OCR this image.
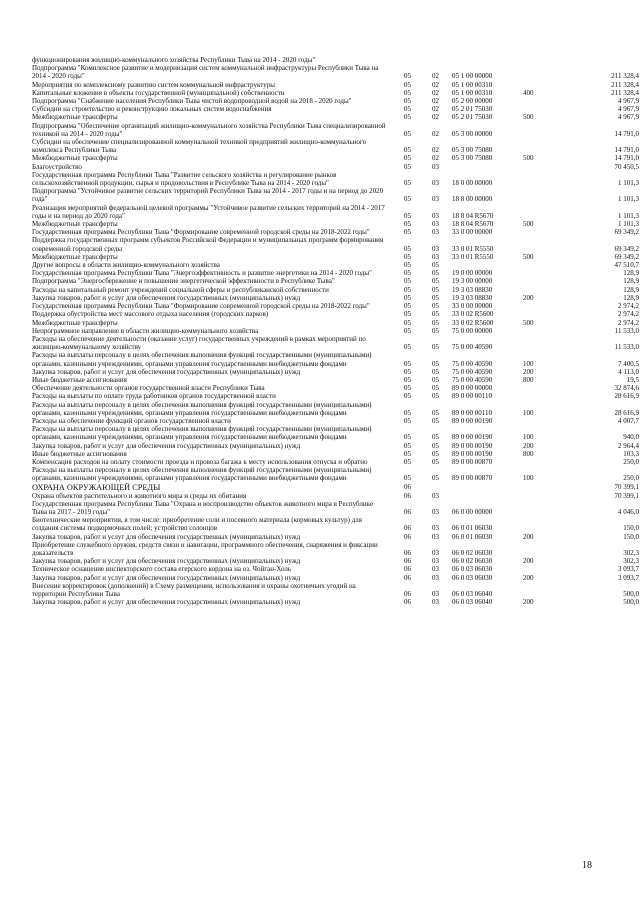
функционирования жилищно-коммунального хозяйства Республики Тыва на 2014 - 2020 годы"					
Подпрограмма "Комплексное развитие и модернизация систем коммунальной инфраструктуры Республики Тыва на 2014 - 2020 годы"	05	02	05 1 00 00000		211 328,4
Мероприятия по комплексному развитию систем коммунальной инфраструктуры	05	02	05 1 00 00310		211 328,4
Капитальные вложения в объекты государственной (муниципальной) собственности	05	02	05 1 00 00310	400	211 328,4
Подпрограмма "Снабжение населения Республики Тыва чистой водопроводной водой на 2018 - 2020 годы"	05	02	05 2 00 00000		4 967,9
Субсидии на строительство и реконструкцию локальных систем водоснабжения	05	02	05 2 01 75030		4 967,9
Межбюджетные трансферты	05	02	05 2 01 75030	500	4 967,9
Подпрограмма "Обеспечение организаций жилищно-коммунального хозяйства Республики Тыва специализированной техникой на 2014 - 2020 годы"	05	02	05 3 00 00000		14 791,0
Субсидии на обеспечение специализированной коммунальной техникой предприятий жилищно-коммунального комплекса Республики Тыва	05	02	05 3 00 75080		14 791,0
Межбюджетные трансферты	05	02	05 3 00 75080	500	14 791,0
Благоустройство	05	03			70 450,5
Государственная программа Республики Тыва "Развитие сельского хозяйства и регулирование рынков сельскохозяйственной продукции, сырья и продовольствия в Республике Тыва на 2014 - 2020 годы"	05	03	18 0 00 00000		1 101,3
Подпрограмма "Устойчивое развитие сельских территорий Республики Тыва на 2014 - 2017 годы и на период до 2020 года"	05	03	18 8 00 00000		1 101,3
Реализация мероприятий федеральной целевой программы "Устойчивое развитие сельских территорий на 2014 - 2017 годы и на период до 2020 года"	05	03	18 8 04 R5670		1 101,3
Межбюджетные трансферты	05	03	18 8 04 R5670	500	1 101,3
Государственная программа Республики Тыва "Формирование современной городской среды на 2018-2022 годы"	05	03	33 0 00 00000		69 349,2
Поддержка государственных программ субъектов Российской Федерации и муниципальных программ формирования современной городской среды	05	03	33 0 01 R5550		69 349,2
Межбюджетные трансферты	05	03	33 0 01 R5550	500	69 349,2
Другие вопросы в области жилищно-коммунального хозяйства	05	05			47 510,7
Государственная программа Республики Тыва "Энергоэффективность и развитие энергетики на 2014 - 2020 годы"	05	05	19 0 00 00000		128,9
Подпрограмма "Энергосбережение и повышение энергетической эффективности в Республике Тыва"	05	05	19 3 00 00000		128,9
Расходы на капитальный ремонт учреждений социальной сферы и республиканской собственности	05	05	19 3 03 08830		128,9
Закупка товаров, работ и услуг для обеспечения государственных (муниципальных) нужд	05	05	19 3 03 08830	200	128,9
Государственная программа Республики Тыва "Формирование современной городской среды на 2018-2022 годы"	05	05	33 0 00 00000		2 974,2
Поддержка обустройства мест массового отдыха населения (городских парков)	05	05	33 0 02 R5600		2 974,2
Межбюджетные трансферты	05	05	33 0 02 R5600	500	2 974,2
Непрограммное направление в области жилищно-коммунального хозяйства	05	05	75 0 00 00000		11 533,0
Расходы на обеспечение деятельности (оказание услуг) государственных учреждений в рамках мероприятий по жилищно-коммунальному хозяйству	05	05	75 0 00 40590		11 533,0
Расходы на выплаты персоналу в целях обеспечения выполнения функций государственными (муниципальными) органами, казенными учреждениями, органами управления государственными внебюджетными фондами	05	05	75 0 00 40590	100	7 400,5
Закупка товаров, работ и услуг для обеспечения государственных (муниципальных) нужд	05	05	75 0 00 40590	200	4 113,0
Иные бюджетные ассигнования	05	05	75 0 00 40590	800	19,5
Обеспечение деятельности органов государственной власти Республики Тыва	05	05	89 0 00 00000		32 874,6
Расходы на выплаты по оплате труда работников органов государственной власти	05	05	89 0 00 00110		28 616,9
Расходы на выплаты персоналу в целях обеспечения выполнения функций государственными (муниципальными) органами, казенными учреждениями, органами управления государственными внебюджетными фондами	05	05	89 0 00 00110	100	28 616,9
Расходы на обеспечение функций органов государственной власти	05	05	89 0 00 00190		4 007,7
Расходы на выплаты персоналу в целях обеспечения выполнения функций государственными (муниципальными) органами, казенными учреждениями, органами управления государственными внебюджетными фондами	05	05	89 0 00 00190	100	940,0
Закупка товаров, работ и услуг для обеспечения государственных (муниципальных) нужд	05	05	89 0 00 00190	200	2 964,4
Иные бюджетные ассигнования	05	05	89 0 00 00190	800	103,3
Компенсация расходов на оплату стоимости проезда и провоза багажа к месту использования отпуска и обратно	05	05	89 0 00 00870		250,0
Расходы на выплаты персоналу в целях обеспечения выполнения функций государственными (муниципальными) органами, казенными учреждениями, органами управления государственными внебюджетными фондами	05	05	89 0 00 00870	100	250,0
ОХРАНА ОКРУЖАЮЩЕЙ СРЕДЫ	06				70 399,1
Охрана объектов растительного и животного мира и среды их обитания	06	03			70 399,1
Государственная программа Республики Тыва "Охрана и воспроизводство объектов животного мира в Республике Тыва на 2017 - 2019 годы"	06	03	06 0 00 00000		4 046,0
Биотехнические мероприятия, в том числе: приобретение соли и посевного материала (кормовых культур) для создания системы подкормочных полей; устройство солонцов	06	03	06 0 01 06030		150,0
Закупка товаров, работ и услуг для обеспечения государственных (муниципальных) нужд	06	03	06 0 01 06030	200	150,0
Приобретение служебного оружия, средств связи и навигации, программного обеспечения, снаряжения и фиксации доказательств	06	03	06 0 02 06030		302,3
Закупка товаров, работ и услуг для обеспечения государственных (муниципальных) нужд	06	03	06 0 02 06030	200	302,3
Техническое оснащение инспекторского состава егерского кордона на оз. Чойган-Холь	06	03	06 0 03 06030		3 093,7
Закупка товаров, работ и услуг для обеспечения государственных (муниципальных) нужд	06	03	06 0 03 06030	200	3 093,7
Внесение корректировок (дополнений) в Схему размещения, использования и охраны охотничьих угодий на территории Республики Тыва	06	03	06 0 03 06040		500,0
Закупка товаров, работ и услуг для обеспечения государственных (муниципальных) нужд	06	03	06 0 03 06040	200	500,0
18
